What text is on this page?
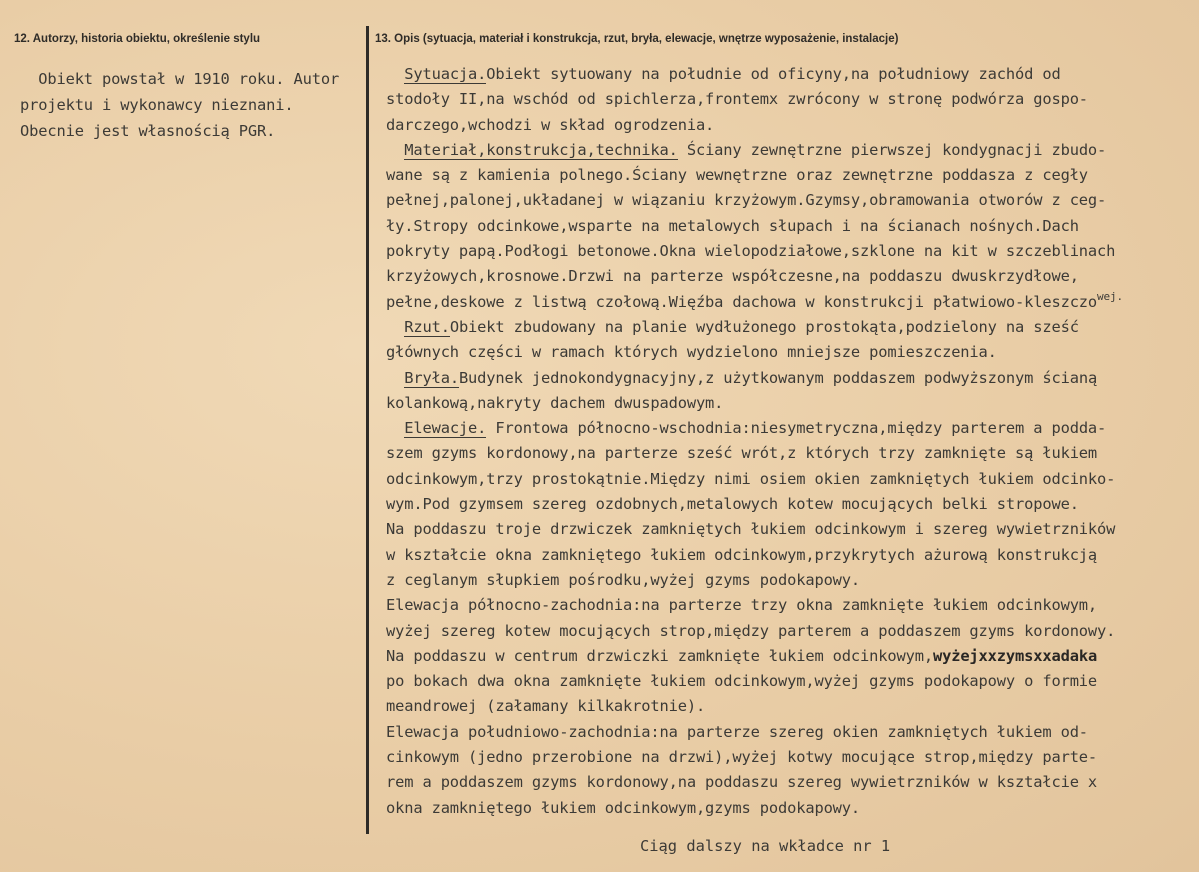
12. Autorzy, historia obiektu, określenie stylu	13. Opis (sytuacja, materiał i konstrukcja, rzut, bryła, elewacje, wnętrze wyposażenie, instalacje)
Obiekt powstał w 1910 roku. Autor
projektu i wykonawcy nieznani.
Obecnie jest własnością PGR.
Sytuacja.Obiekt sytuowany na południe od oficyny,na południowy zachód od
stodoły II,na wschód od spichlerza,frontemx zwrócony w stronę podwórza gospo-
darczego,wchodzi w skład ogrodzenia.
Materiał,konstrukcja,technika. Ściany zewnętrzne pierwszej kondygnacji zbudo-
wane są z kamienia polnego.Ściany wewnętrzne oraz zewnętrzne poddasza z cegły
pełnej,palonej,układanej w wiązaniu krzyżowym.Gzymsy,obramowania otworów z ceg-
ły.Stropy odcinkowe,wsparte na metalowych słupach i na ścianach nośnych.Dach
pokryty papą.Podłogi betonowe.Okna wielopodziałowe,szklone na kit w szczeblinach
krzyżowych,krosnowe.Drzwi na parterze współczesne,na poddaszu dwuskrzydłowe,
pełne,deskowe z listwą czołową.Więźba dachowa w konstrukcji płatwiowo-kleszczo$^{wej.}$
Rzut.Obiekt zbudowany na planie wydłużonego prostokąta,podzielony na sześć
głównych części w ramach których wydzielono mniejsze pomieszczenia.
Bryła.Budynek jednokondygnacyjny,z użytkowanym poddaszem podwyższonym ścianą
kolankową,nakryty dachem dwuspadowym.
Elewacje. Frontowa północno-wschodnia:niesymetryczna,między parterem a podda-
szem gzyms kordonowy,na parterze sześć wrót,z których trzy zamknięte są łukiem
odcinkowym,trzy prostokątnie.Między nimi osiem okien zamkniętych łukiem odcinko-
wym.Pod gzymsem szereg ozdobnych,metalowych kotew mocujących belki stropowe.
Na poddaszu troje drzwiczek zamkniętych łukiem odcinkowym i szereg wywietrzników
w kształcie okna zamkniętego łukiem odcinkowym,przykrytych ażurową konstrukcją
z ceglanym słupkiem pośrodku,wyżej gzyms podokapowy.
Elewacja północno-zachodnia:na parterze trzy okna zamknięte łukiem odcinkowym,
wyżej szereg kotew mocujących strop,między parterem a poddaszem gzyms kordonowy.
Na poddaszu w centrum drzwiczki zamknięte łukiem odcinkowym,wyżejxxzymsxxadaka
po bokach dwa okna zamknięte łukiem odcinkowym,wyżej gzyms podokapowy o formie
meandrowej (załamany kilkakrotnie).
Elewacja południowo-zachodnia:na parterze szereg okien zamkniętych łukiem od-
cinkowym (jedno przerobione na drzwi),wyżej kotwy mocujące strop,między parte-
rem a poddaszem gzyms kordonowy,na poddaszu szereg wywietrzników w kształcie x
okna zamkniętego łukiem odcinkowym,gzyms podokapowy.
Ciąg dalszy na wkładce nr 1
